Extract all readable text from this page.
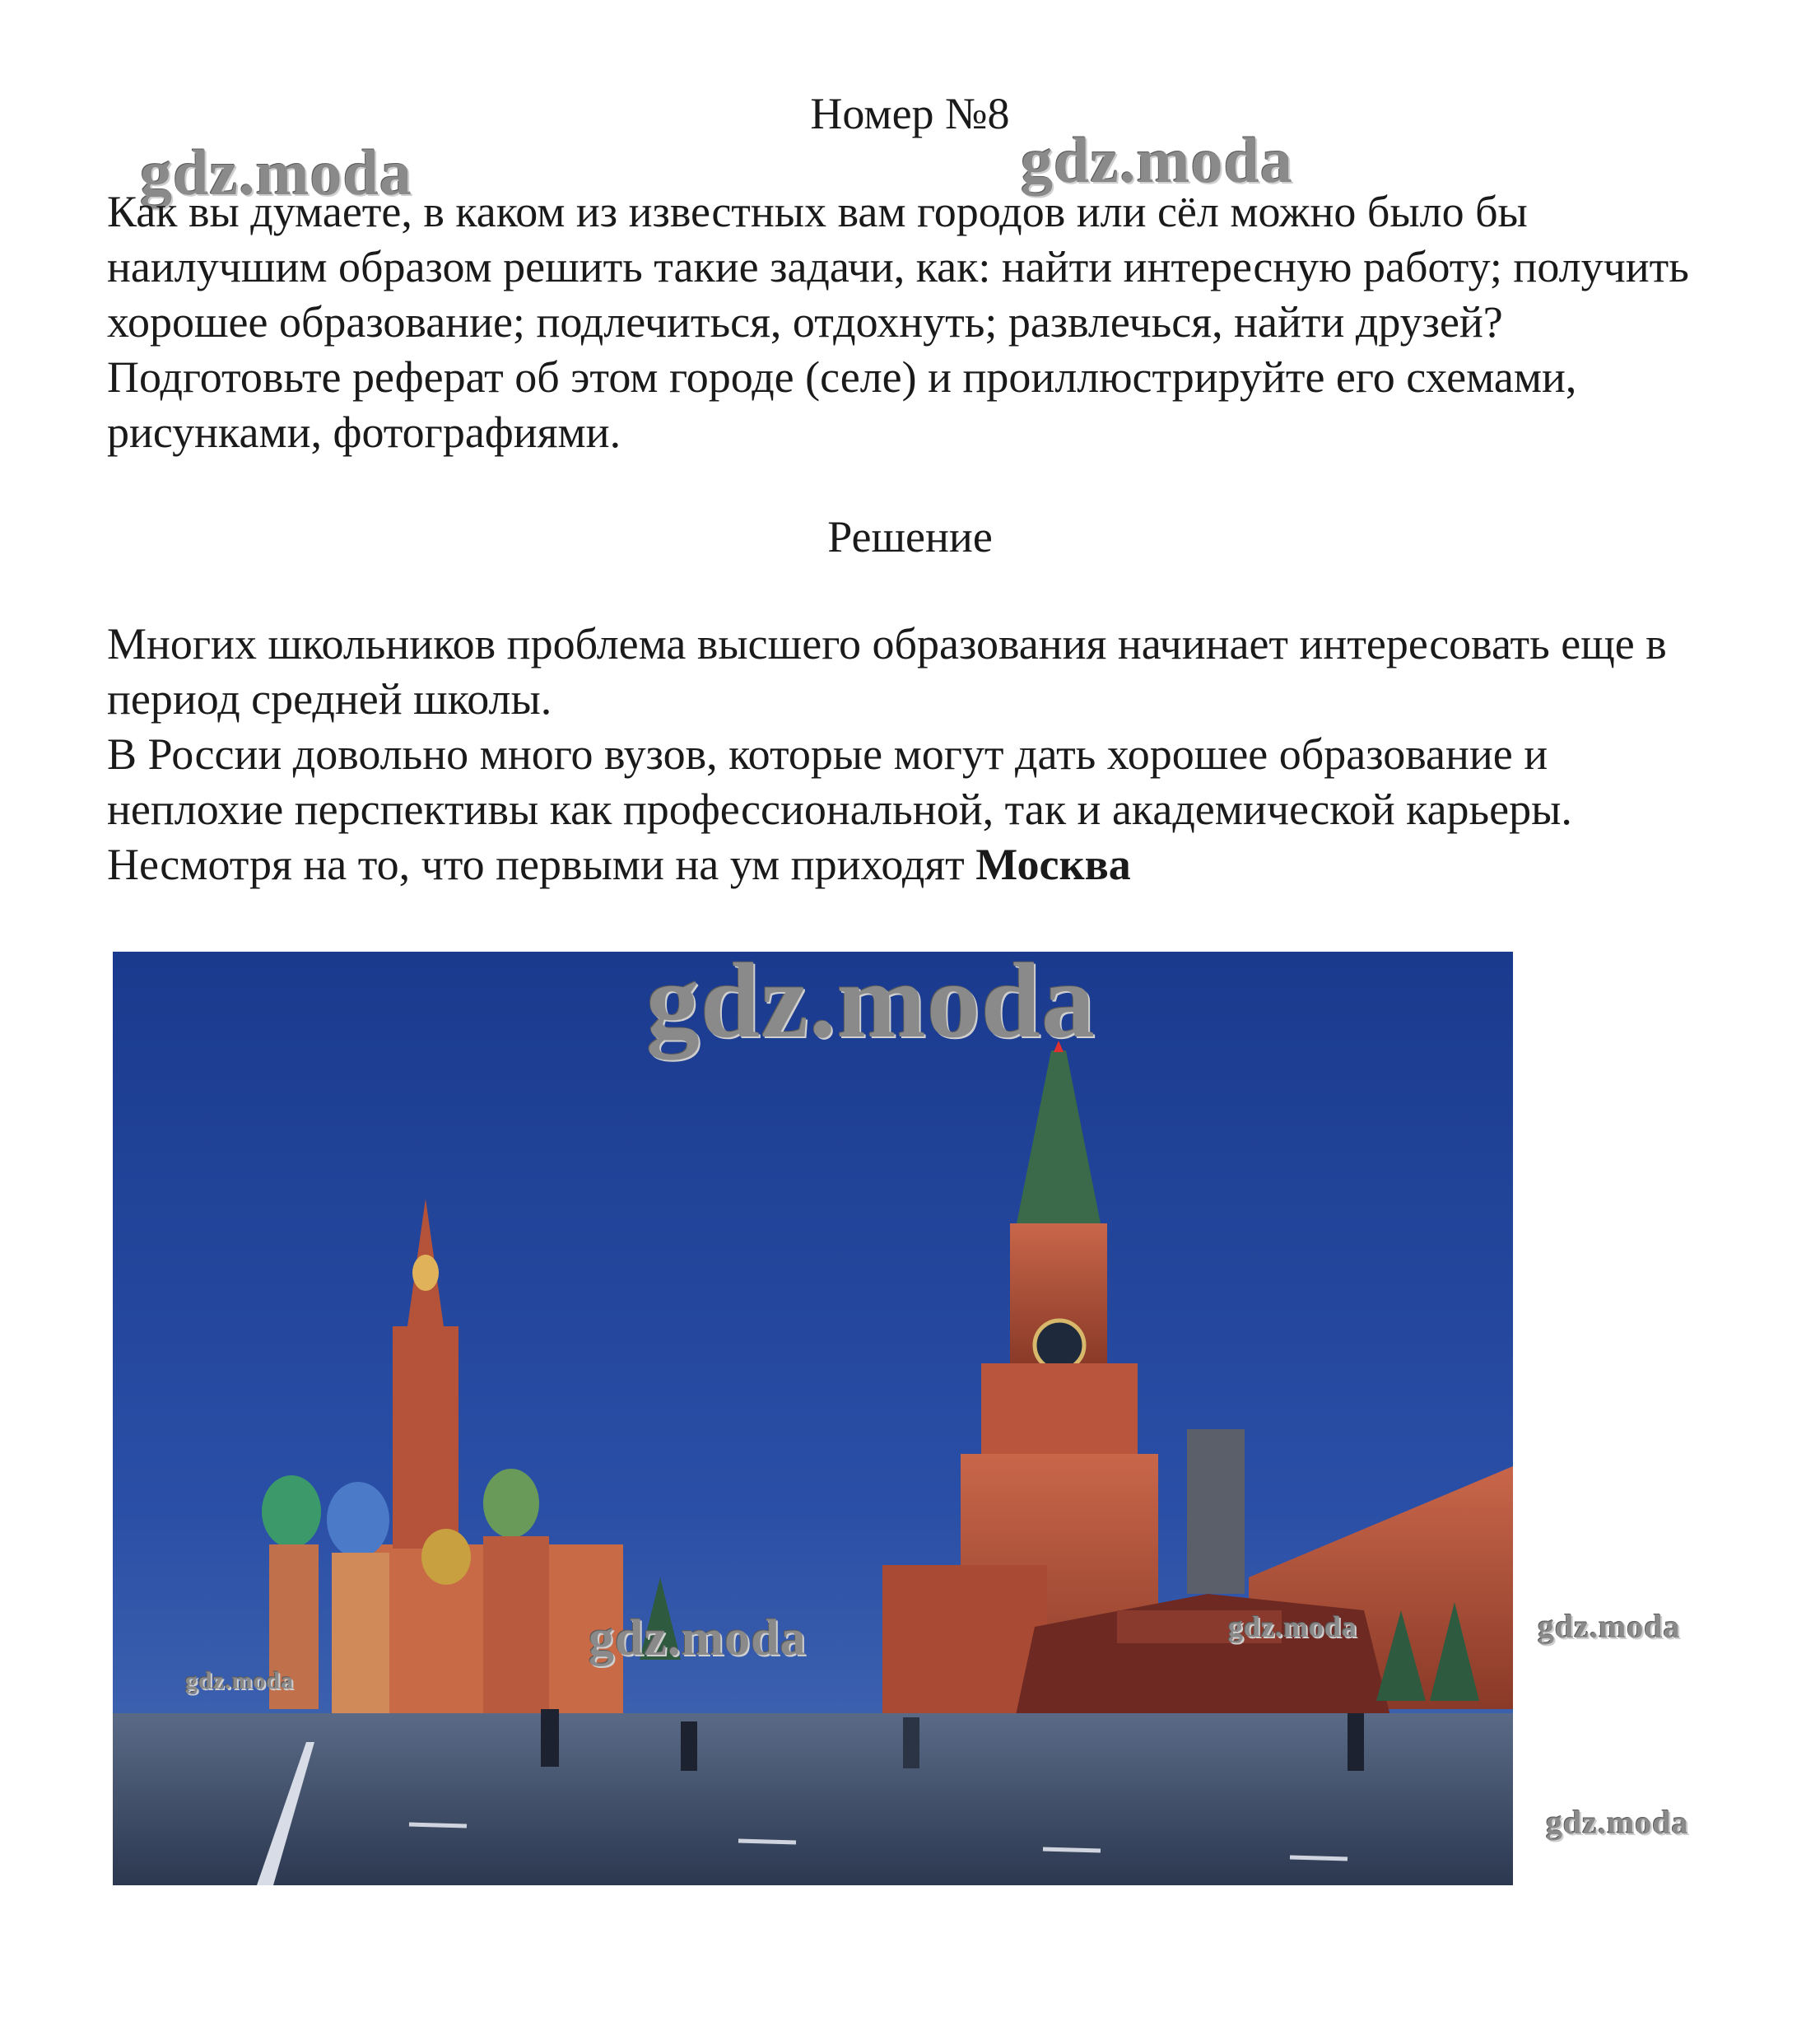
Номер №8
gdz.moda	gdz.moda

Как вы думаете, в каком из известных вам городов или сёл можно было бы наилучшим образом решить такие задачи, как: найти интересную работу; получить хорошее образование; подлечиться, отдохнуть; развлечься, найти друзей? Подготовьте реферат об этом городе (селе) и проиллюстрируйте его схемами, рисунками, фотографиями.

Решение

Многих школьников проблема высшего образования начинает интересовать еще в период средней школы.

В России довольно много вузов, которые могут дать хорошее образование и неплохие перспективы как профессиональной, так и академической карьеры. Несмотря на то, что первыми на ум приходят Москва

gdz.moda
gdz.moda
gdz.moda
gdz.moda	gdz.moda
gdz.moda
